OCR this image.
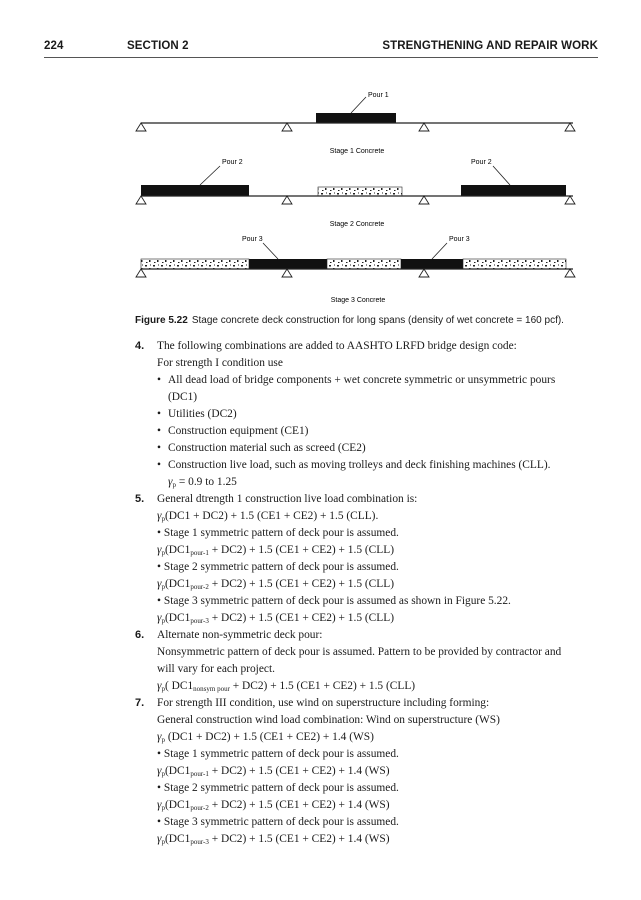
224	SECTION 2	STRENGTHENING AND REPAIR WORK
Pour 1
Stage 1 Concrete
Pour 2	Pour 2
Stage 2 Concrete
Pour 3	Pour 3
Stage 3 Concrete
Figure 5.22 Stage concrete deck construction for long spans (density of wet concrete = 160 pcf).
4. The following combinations are added to AASHTO LRFD bridge design code:
For strength I condition use
• All dead load of bridge components + wet concrete symmetric or unsymmetric pours
(DC1)
• Utilities (DC2)
• Construction equipment (CE1)
• Construction material such as screed (CE2)
• Construction live load, such as moving trolleys and deck finishing machines (CLL).
$\gamma_p = 0.9$ to 1.25
5. General dtrength 1 construction live load combination is:
$\gamma_p(DC1 + DC2) + 1.5$ (CE1 + CE2) + 1.5 (CLL).
• Stage 1 symmetric pattern of deck pour is assumed.
$\gamma_p(DC1_{pour-1} + DC2) + 1.5$ (CE1 + CE2) + 1.5 (CLL)
• Stage 2 symmetric pattern of deck pour is assumed.
$\gamma_p(DC1_{pour-2} + DC2) + 1.5$ (CE1 + CE2) + 1.5 (CLL)
• Stage 3 symmetric pattern of deck pour is assumed as shown in Figure 5.22.
$\gamma_p(DC1_{pour-3} + DC2) + 1.5$ (CE1 + CE2) + 1.5 (CLL)
6. Alternate non-symmetric deck pour:
Nonsymmetric pattern of deck pour is assumed. Pattern to be provided by contractor and
will vary for each project.
$\gamma_p$( $DC1_{nonsym pour} + DC2) + 1.5$ (CE1 + CE2) + 1.5 (CLL)
7. For strength III condition, use wind on superstructure including forming:
General construction wind load combination: Wind on superstructure (WS)
$\gamma_p$ (DC1 + DC2) + 1.5 (CE1 + CE2) + 1.4 (WS)
• Stage 1 symmetric pattern of deck pour is assumed.
$\gamma_p(DC1_{pour-1} + DC2) + 1.5$ (CE1 + CE2) + 1.4 (WS)
• Stage 2 symmetric pattern of deck pour is assumed.
$\gamma_p(DC1_{pour-2} + DC2) + 1.5$ (CE1 + CE2) + 1.4 (WS)
• Stage 3 symmetric pattern of deck pour is assumed.
$\gamma_p(DC1_{pour-3} + DC2) + 1.5$ (CE1 + CE2) + 1.4 (WS)
